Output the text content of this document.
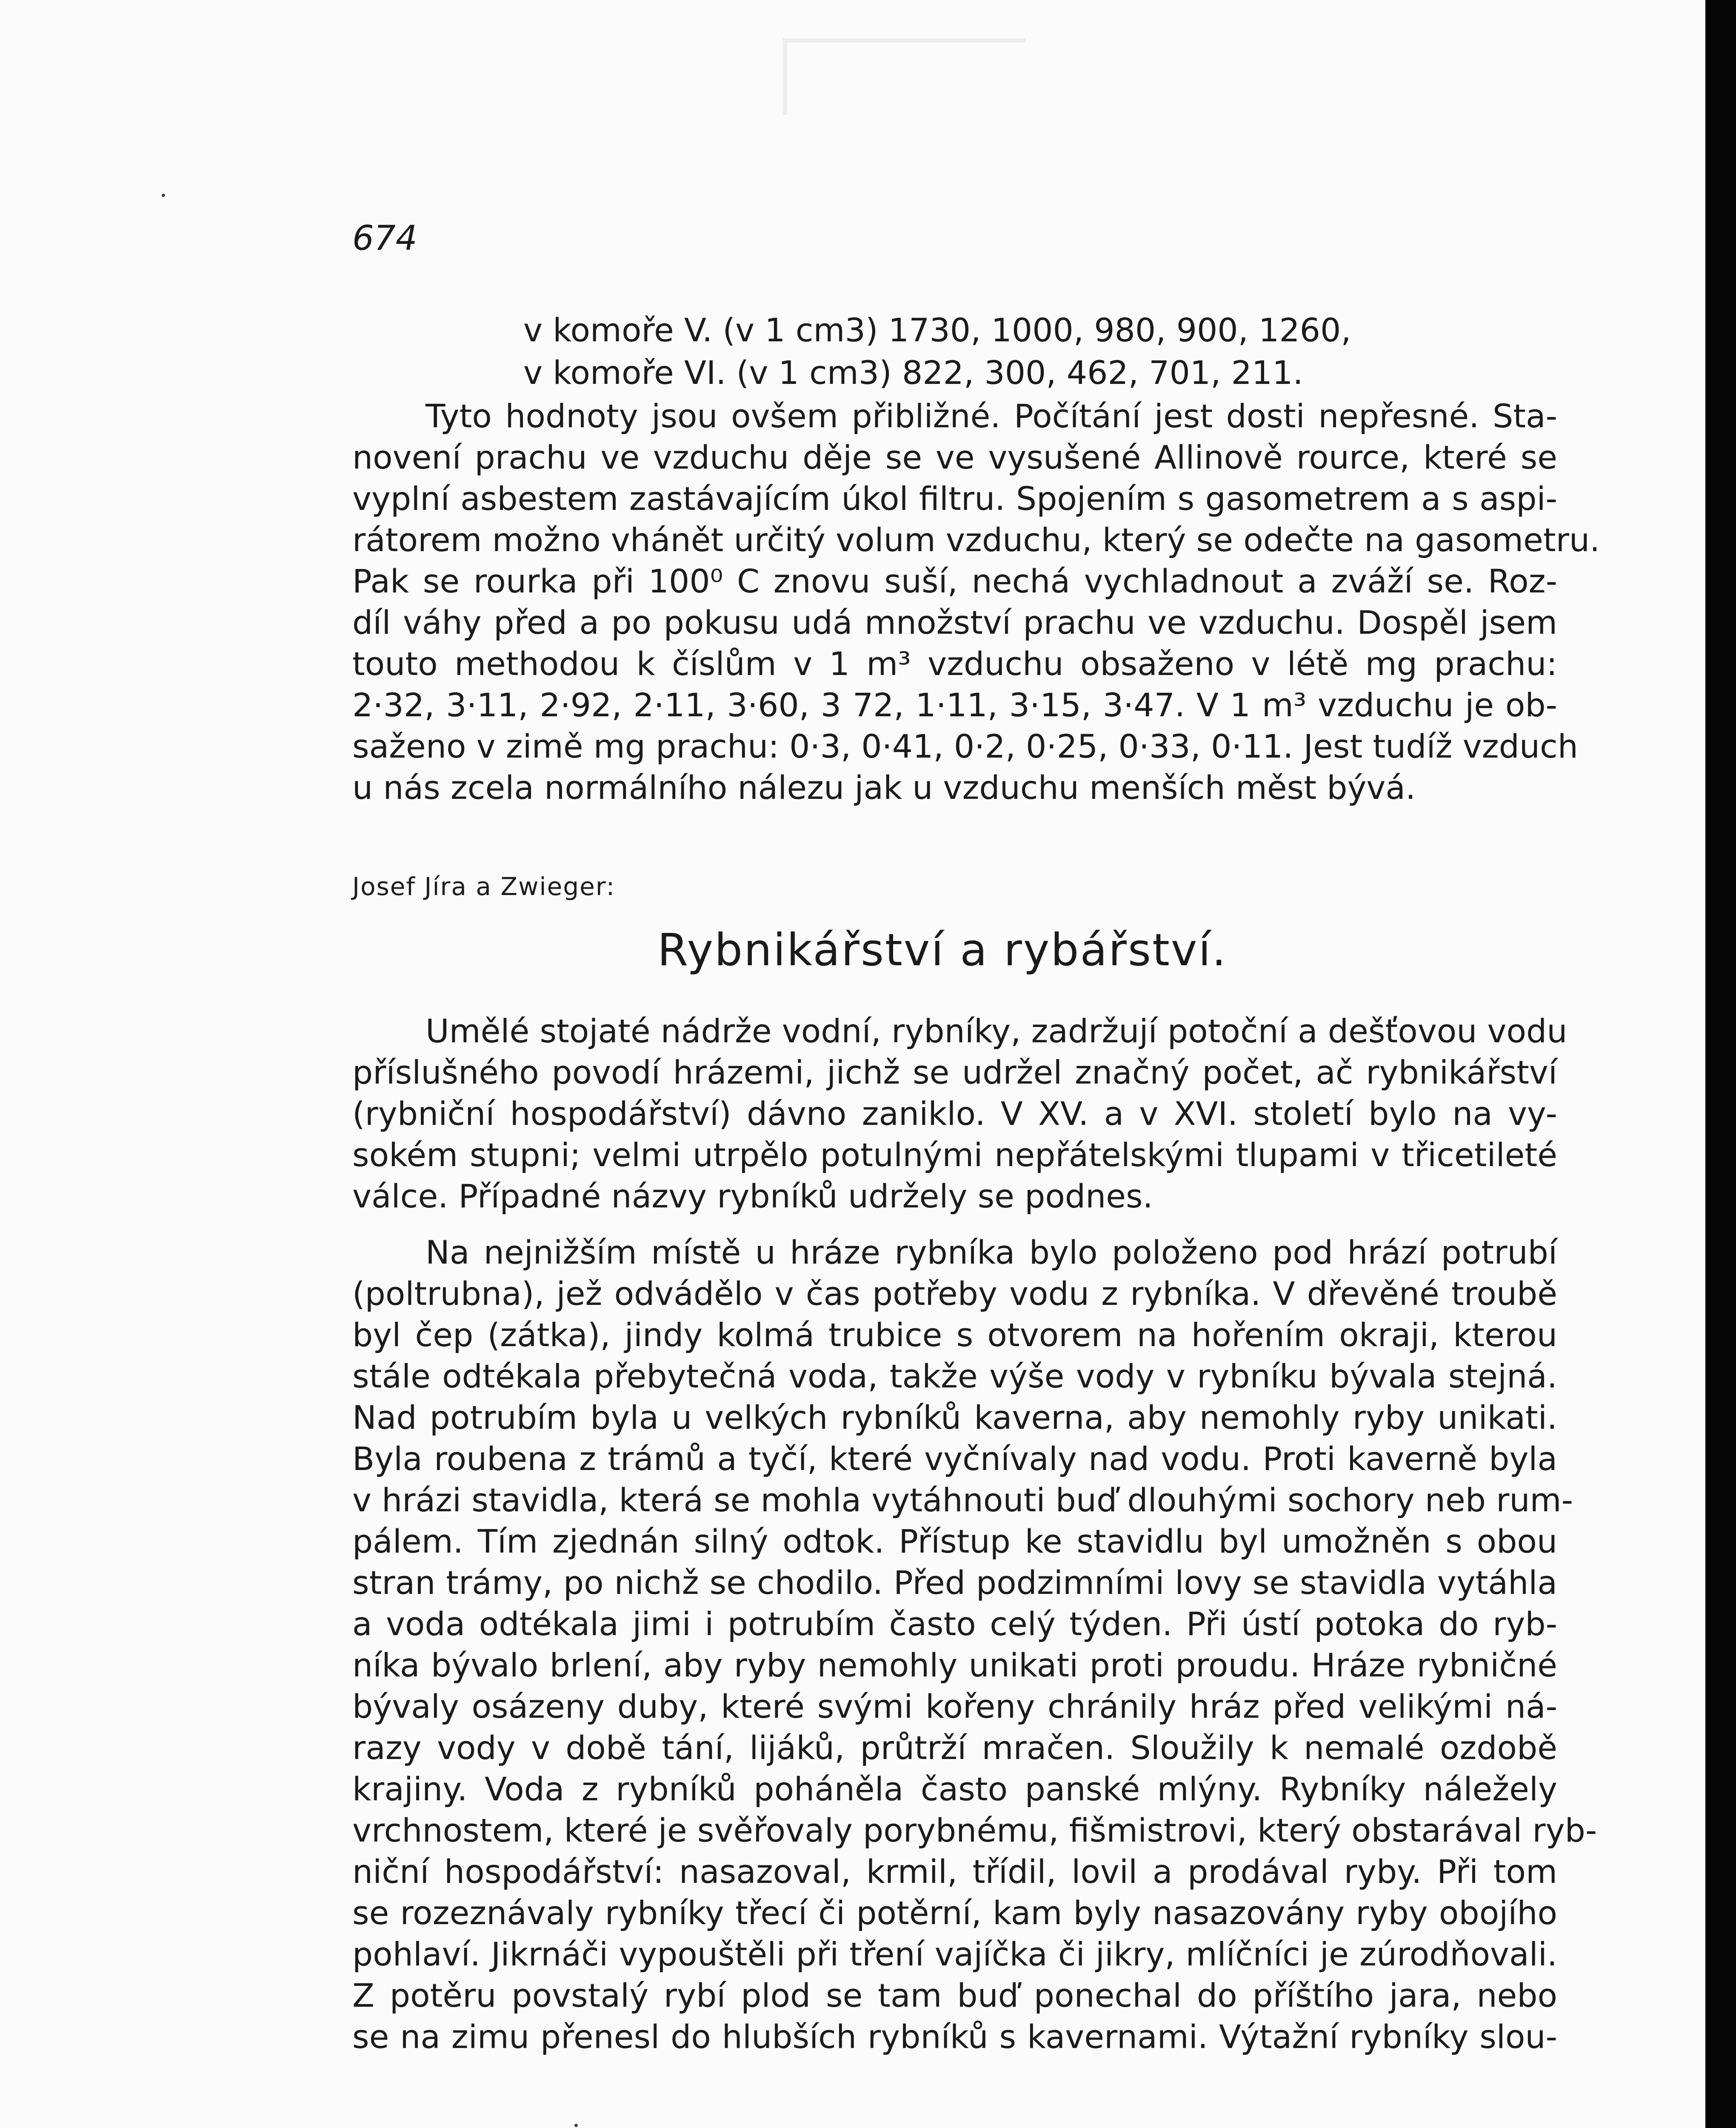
674
v komoře V. (v 1 cm3) 1730, 1000, 980, 900, 1260,
v komoře VI. (v 1 cm3) 822, 300, 462, 701, 211.
Tyto hodnoty jsou ovšem přibližné. Počítání jest dosti nepřesné. Sta-
novení prachu ve vzduchu děje se ve vysušené Allinově rource, které se
vyplní asbestem zastávajícím úkol filtru. Spojením s gasometrem a s aspi-
rátorem možno vhánět určitý volum vzduchu, který se odečte na gasometru.
Pak se rourka při 100⁰ C znovu suší, nechá vychladnout a zváží se. Roz-
díl váhy před a po pokusu udá množství prachu ve vzduchu. Dospěl jsem
touto methodou k číslům v 1 m³ vzduchu obsaženo v létě mg prachu:
2·32, 3·11, 2·92, 2·11, 3·60, 3 72, 1·11, 3·15, 3·47. V 1 m³ vzduchu je ob-
saženo v zimě mg prachu: 0·3, 0·41, 0·2, 0·25, 0·33, 0·11. Jest tudíž vzduch
u nás zcela normálního nálezu jak u vzduchu menších měst bývá.
Josef Jíra a Zwieger:
Rybnikářství a rybářství.
Umělé stojaté nádrže vodní, rybníky, zadržují potoční a dešťovou vodu
příslušného povodí hrázemi, jichž se udržel značný počet, ač rybnikářství
(rybniční hospodářství) dávno zaniklo. V XV. a v XVI. století bylo na vy-
sokém stupni; velmi utrpělo potulnými nepřátelskými tlupami v třicetileté
válce. Případné názvy rybníků udržely se podnes.
Na nejnižším místě u hráze rybníka bylo položeno pod hrází potrubí
(poltrubna), jež odvádělo v čas potřeby vodu z rybníka. V dřevěné troubě
byl čep (zátka), jindy kolmá trubice s otvorem na hořením okraji, kterou
stále odtékala přebytečná voda, takže výše vody v rybníku bývala stejná.
Nad potrubím byla u velkých rybníků kaverna, aby nemohly ryby unikati.
Byla roubena z trámů a tyčí, které vyčnívaly nad vodu. Proti kaverně byla
v hrázi stavidla, která se mohla vytáhnouti buď dlouhými sochory neb rum-
pálem. Tím zjednán silný odtok. Přístup ke stavidlu byl umožněn s obou
stran trámy, po nichž se chodilo. Před podzimními lovy se stavidla vytáhla
a voda odtékala jimi i potrubím často celý týden. Při ústí potoka do ryb-
níka bývalo brlení, aby ryby nemohly unikati proti proudu. Hráze rybničné
bývaly osázeny duby, které svými kořeny chránily hráz před velikými ná-
razy vody v době tání, lijáků, průtrží mračen. Sloužily k nemalé ozdobě
krajiny. Voda z rybníků poháněla často panské mlýny. Rybníky náležely
vrchnostem, které je svěřovaly porybnému, fišmistrovi, který obstarával ryb-
niční hospodářství: nasazoval, krmil, třídil, lovil a prodával ryby. Při tom
se rozeznávaly rybníky třecí či potěrní, kam byly nasazovány ryby obojího
pohlaví. Jikrnáči vypouštěli při tření vajíčka či jikry, mlíčníci je zúrodňovali.
Z potěru povstalý rybí plod se tam buď ponechal do příštího jara, nebo
se na zimu přenesl do hlubších rybníků s kavernami. Výtažní rybníky slou-
